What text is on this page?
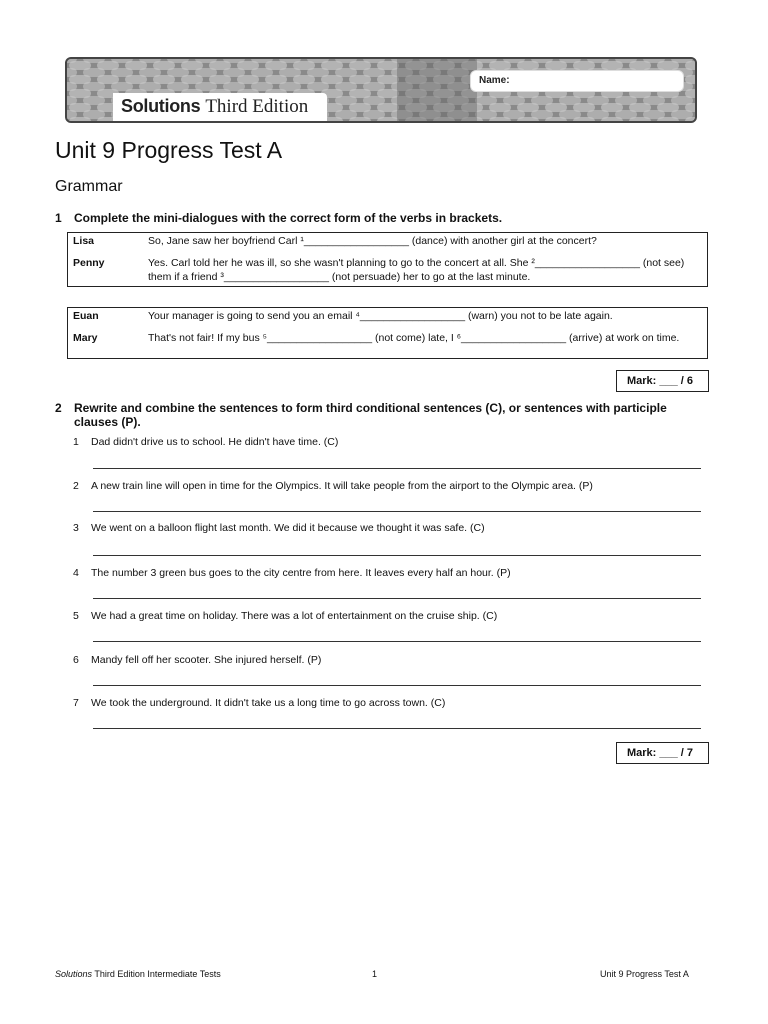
Name:
Solutions Third Edition
Unit 9 Progress Test A
Grammar
1 Complete the mini-dialogues with the correct form of the verbs in brackets.
Lisa	So, Jane saw her boyfriend Carl ¹__________________ (dance) with another girl at the concert?
Penny	Yes. Carl told her he was ill, so she wasn't planning to go to the concert at all. She ²__________________ (not see) them if a friend ³__________________ (not persuade) her to go at the last minute.
Euan	Your manager is going to send you an email ⁴__________________ (warn) you not to be late again.
Mary	That's not fair! If my bus ⁵__________________ (not come) late, I ⁶__________________ (arrive) at work on time.
Mark: ___ / 6
2 Rewrite and combine the sentences to form third conditional sentences (C), or sentences with participle clauses (P).
1 Dad didn't drive us to school. He didn't have time. (C)
2 A new train line will open in time for the Olympics. It will take people from the airport to the Olympic area. (P)
3 We went on a balloon flight last month. We did it because we thought it was safe. (C)
4 The number 3 green bus goes to the city centre from here. It leaves every half an hour. (P)
5 We had a great time on holiday. There was a lot of entertainment on the cruise ship. (C)
6 Mandy fell off her scooter. She injured herself. (P)
7 We took the underground. It didn't take us a long time to go across town. (C)
Mark: ___ / 7
Solutions Third Edition Intermediate Tests	1	Unit 9 Progress Test A
